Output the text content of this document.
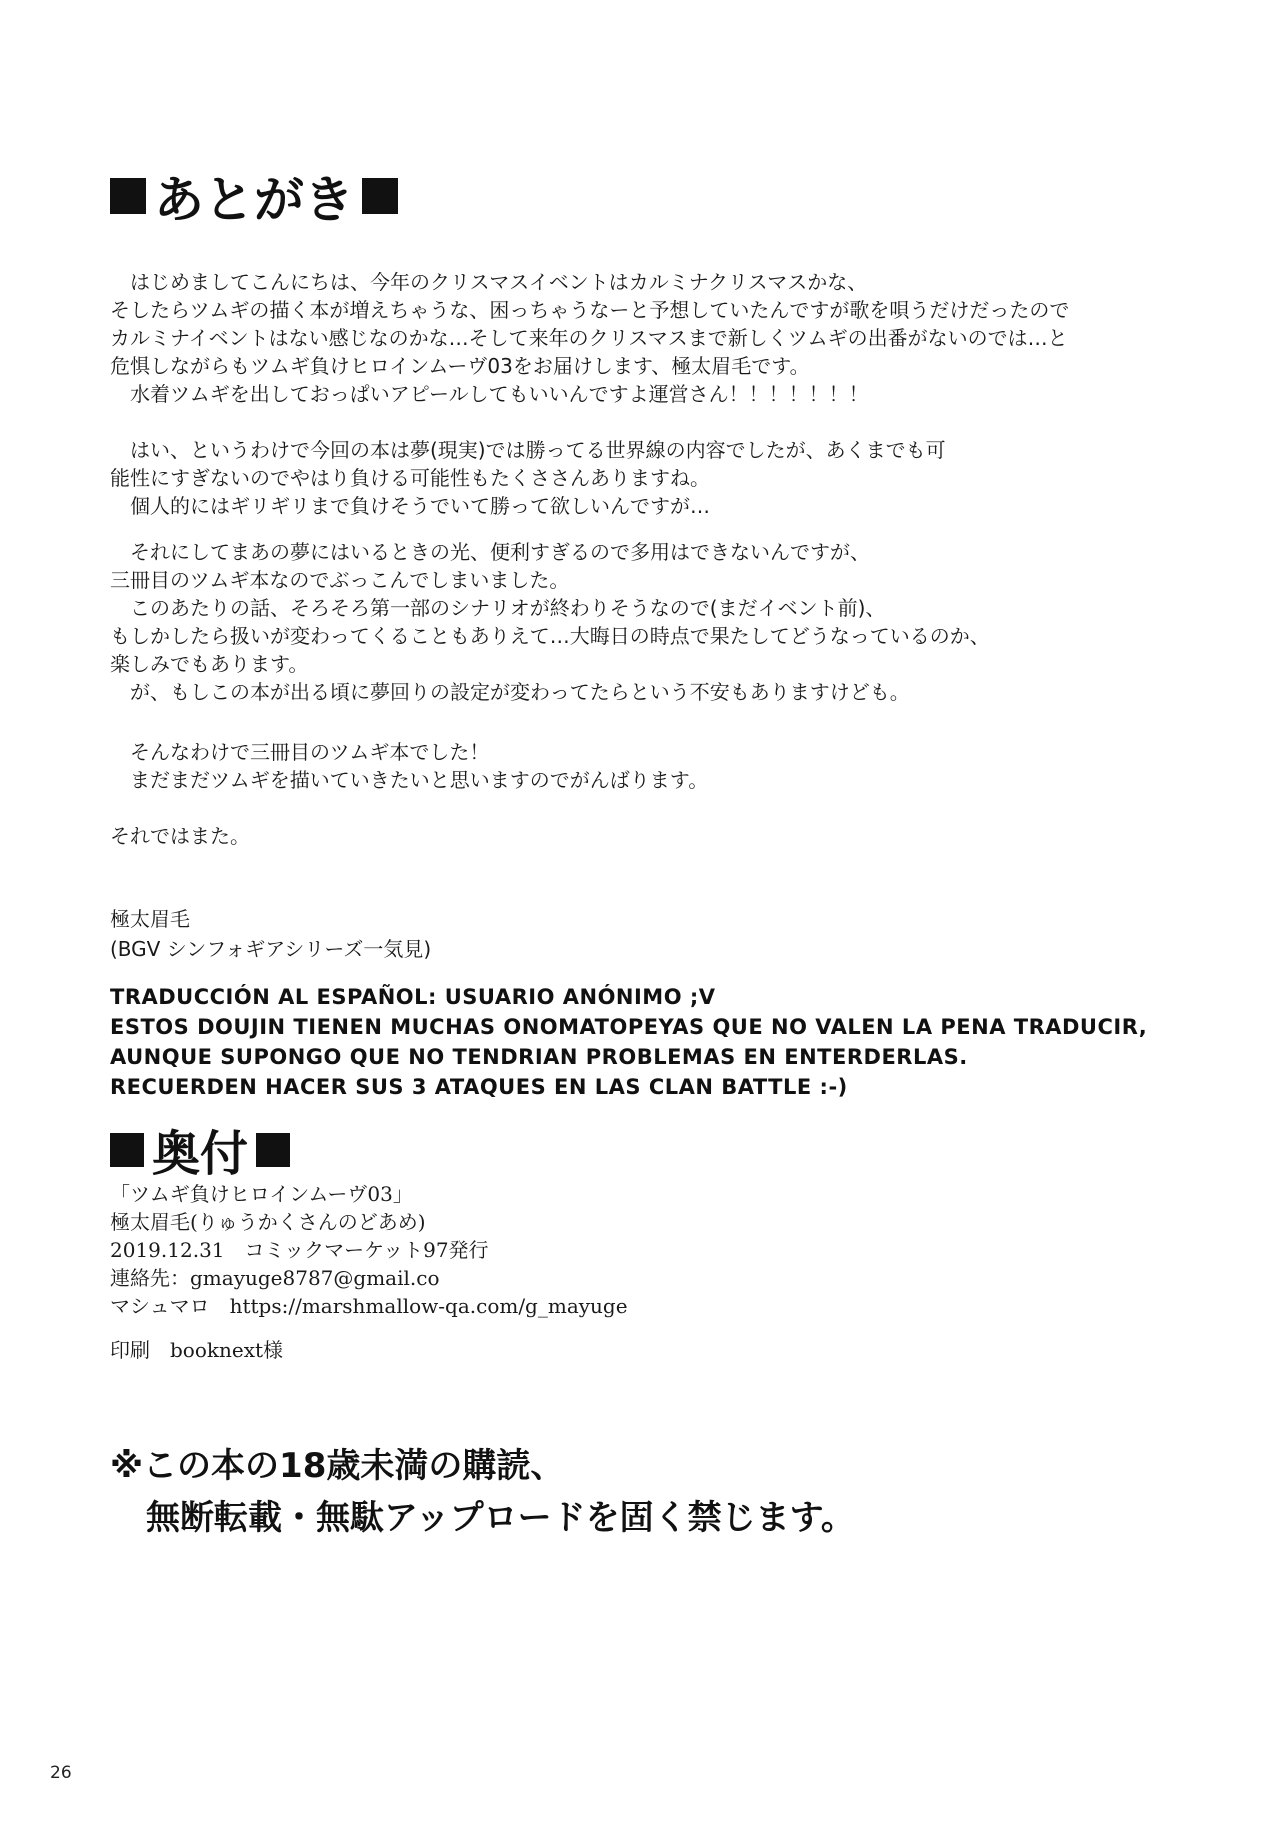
あとがき

はじめましてこんにちは、今年のクリスマスイベントはカルミナクリスマスかな、

そしたらツムギの描く本が増えちゃうな、困っちゃうなーと予想していたんですが歌を唄うだけだったので

カルミナイベントはない感じなのかな…そして来年のクリスマスまで新しくツムギの出番がないのでは…と

危惧しながらもツムギ負けヒロインムーヴ03をお届けします、極太眉毛です。

水着ツムギを出しておっぱいアピールしてもいいんですよ運営さん！！！！！！！

はい、というわけで今回の本は夢(現実)では勝ってる世界線の内容でしたが、あくまでも可

能性にすぎないのでやはり負ける可能性もたくささんありますね。

個人的にはギリギリまで負けそうでいて勝って欲しいんですが…

それにしてまあの夢にはいるときの光、便利すぎるので多用はできないんですが、

三冊目のツムギ本なのでぶっこんでしまいました。

このあたりの話、そろそろ第一部のシナリオが終わりそうなので(まだイベント前)、

もしかしたら扱いが変わってくることもありえて…大晦日の時点で果たしてどうなっているのか、

楽しみでもあります。

が、もしこの本が出る頃に夢回りの設定が変わってたらという不安もありますけども。

そんなわけで三冊目のツムギ本でした！

まだまだツムギを描いていきたいと思いますのでがんばります。

それではまた。

極太眉毛

(BGV シンフォギアシリーズ一気見)

TRADUCCIÓN AL ESPAÑOL: USUARIO ANÓNIMO ;V

ESTOS DOUJIN TIENEN MUCHAS ONOMATOPEYAS QUE NO VALEN LA PENA TRADUCIR,

AUNQUE SUPONGO QUE NO TENDRIAN PROBLEMAS EN ENTERDERLAS.

RECUERDEN HACER SUS 3 ATAQUES EN LAS CLAN BATTLE :-)

奥付

「ツムギ負けヒロインムーヴ03」

極太眉毛(りゅうかくさんのどあめ)

2019.12.31　コミックマーケット97発行

連絡先：gmayuge8787@gmail.co

マシュマロ　https://marshmallow-qa.com/g_mayuge

印刷　booknext様

※この本の18歳未満の購読、

無断転載・無駄アップロードを固く禁じます。

26
